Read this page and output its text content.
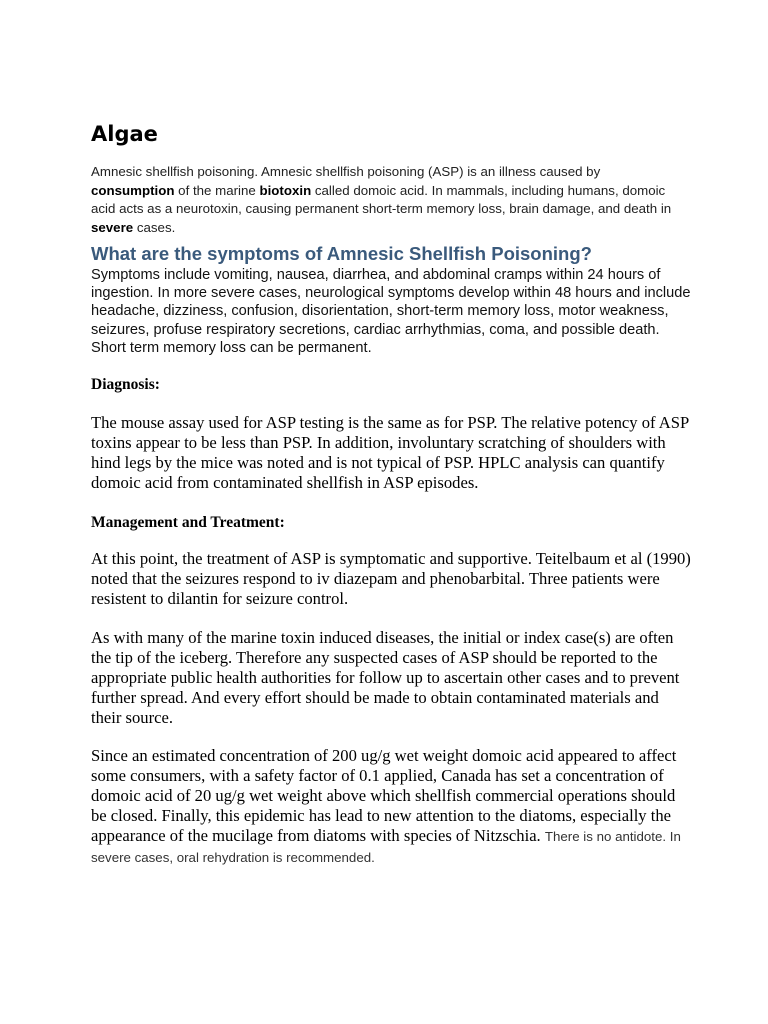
Algae

Amnesic shellfish poisoning. Amnesic shellfish poisoning (ASP) is an illness caused by consumption of the marine biotoxin called domoic acid. In mammals, including humans, domoic acid acts as a neurotoxin, causing permanent short-term memory loss, brain damage, and death in severe cases.

What are the symptoms of Amnesic Shellfish Poisoning?

Symptoms include vomiting, nausea, diarrhea, and abdominal cramps within 24 hours of ingestion. In more severe cases, neurological symptoms develop within 48 hours and include headache, dizziness, confusion, disorientation, short-term memory loss, motor weakness, seizures, profuse respiratory secretions, cardiac arrhythmias, coma, and possible death. Short term memory loss can be permanent.

Diagnosis:

The mouse assay used for ASP testing is the same as for PSP. The relative potency of ASP toxins appear to be less than PSP. In addition, involuntary scratching of shoulders with hind legs by the mice was noted and is not typical of PSP. HPLC analysis can quantify domoic acid from contaminated shellfish in ASP episodes.

Management and Treatment:

At this point, the treatment of ASP is symptomatic and supportive. Teitelbaum et al (1990) noted that the seizures respond to iv diazepam and phenobarbital. Three patients were resistent to dilantin for seizure control.

As with many of the marine toxin induced diseases, the initial or index case(s) are often the tip of the iceberg. Therefore any suspected cases of ASP should be reported to the appropriate public health authorities for follow up to ascertain other cases and to prevent further spread. And every effort should be made to obtain contaminated materials and their source.

Since an estimated concentration of 200 ug/g wet weight domoic acid appeared to affect some consumers, with a safety factor of 0.1 applied, Canada has set a concentration of domoic acid of 20 ug/g wet weight above which shellfish commercial operations should be closed. Finally, this epidemic has lead to new attention to the diatoms, especially the appearance of the mucilage from diatoms with species of Nitzschia. There is no antidote. In severe cases, oral rehydration is recommended.
